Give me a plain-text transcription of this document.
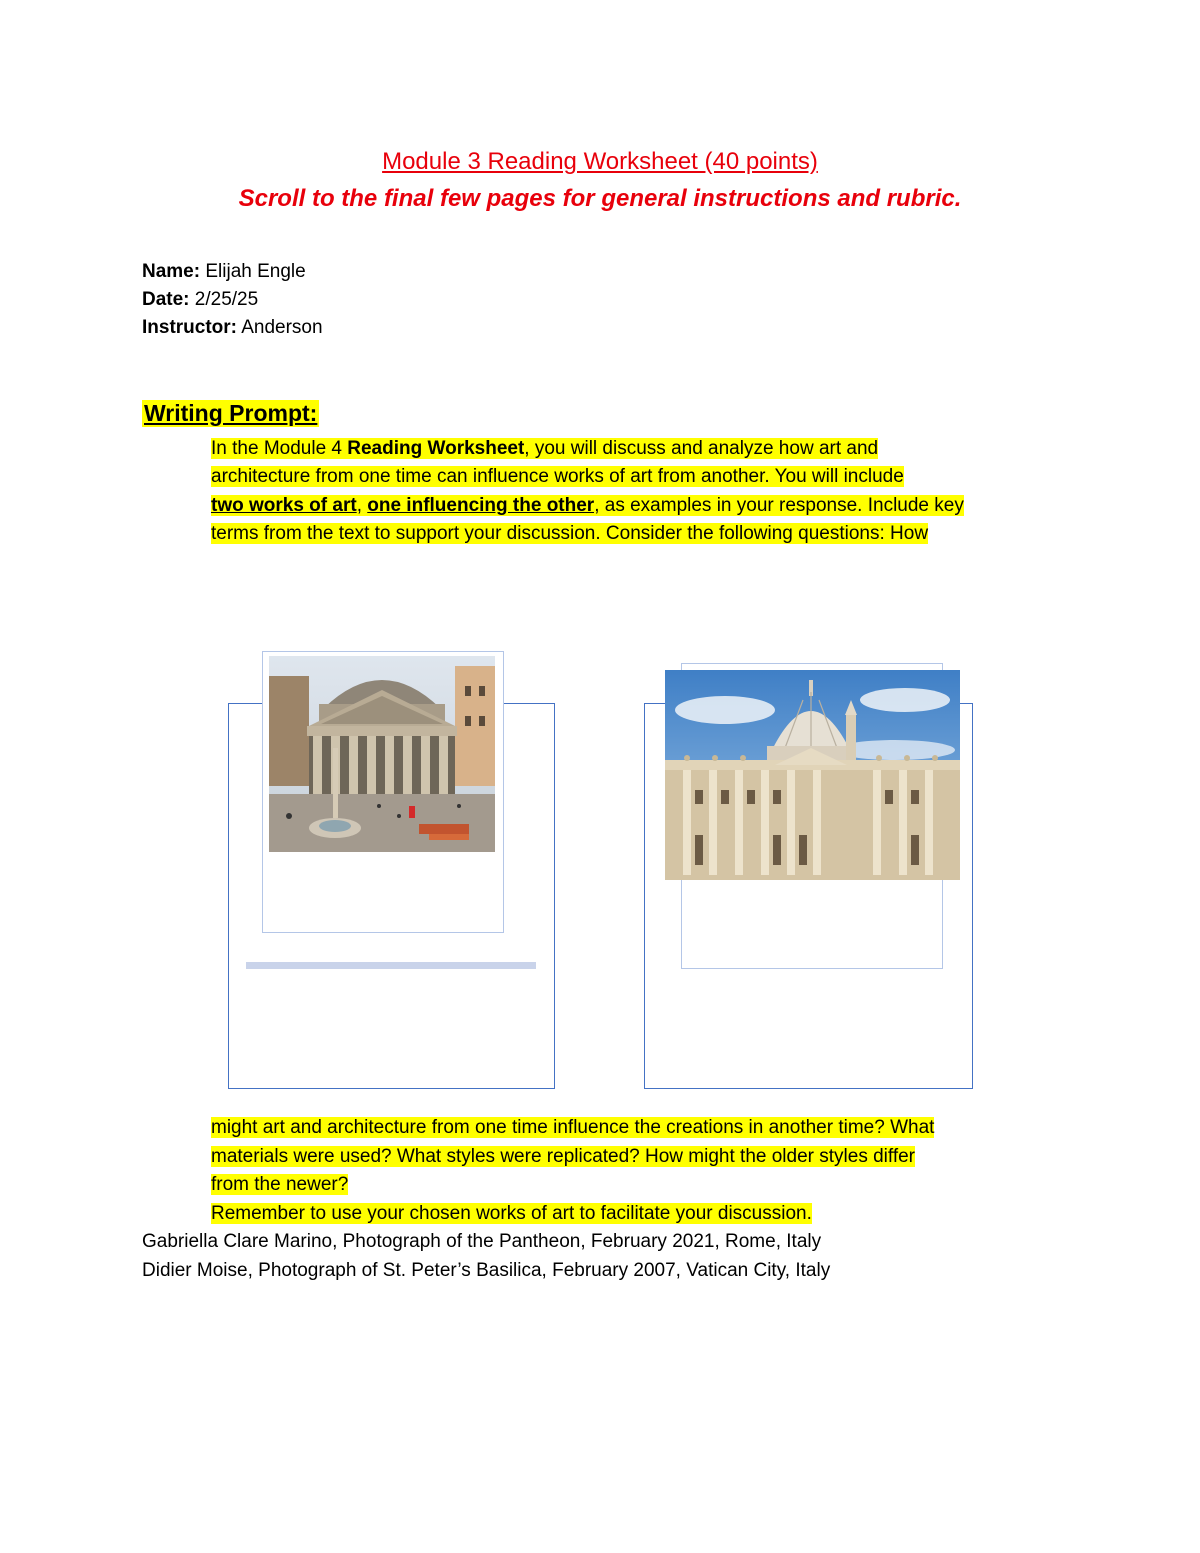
Module 3 Reading Worksheet (40 points)
Scroll to the final few pages for general instructions and rubric.
Name: Elijah Engle
Date: 2/25/25
Instructor: Anderson
Writing Prompt:
In the Module 4 Reading Worksheet, you will discuss and analyze how art and
architecture from one time can influence works of art from another. You will include
two works of art, one influencing the other, as examples in your response. Include key
terms from the text to support your discussion. Consider the following questions: How
might art and architecture from one time influence the creations in another time? What
materials were used? What styles were replicated? How might the older styles differ
from the newer?
Remember to use your chosen works of art to facilitate your discussion.
Gabriella Clare Marino, Photograph of the Pantheon, February 2021, Rome, Italy
Didier Moise, Photograph of St. Peter’s Basilica, February 2007, Vatican City, Italy
